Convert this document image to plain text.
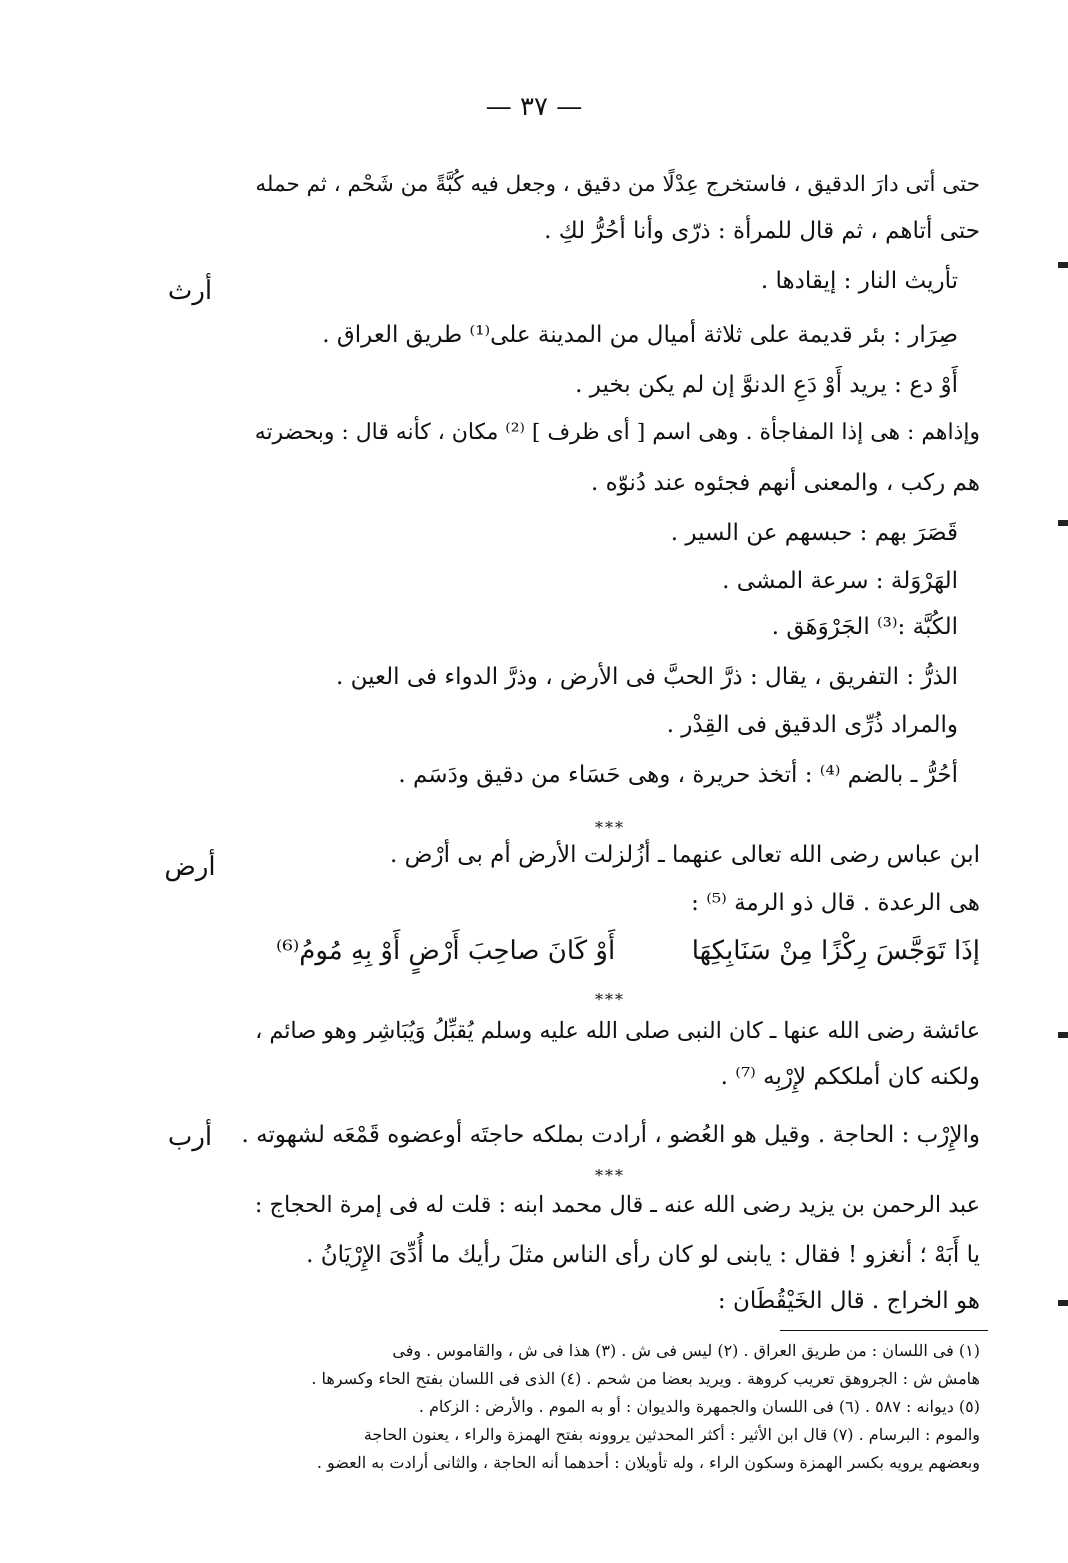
— ٣٧ —
حتى أتى دارَ الدقيق ، فاستخرج عِدْلًا من دقيق ، وجعل فيه كُبَّةً من شَحْم ، ثم حمله
حتى أتاهم ، ثم قال للمرأة : ذرّى وأنا أحُرُّ لكِ .
تأريث النار : إيقادها .
صِرَار : بئر قديمة على ثلاثة أميال من المدينة على⁽¹⁾ طريق العراق .
أَوْ دع : يريد أَوْ دَعِ الدنوَّ إن لم يكن بخير .
وإذاهم : هى إذا المفاجأة . وهى اسم [ أى ظرف ] ⁽²⁾ مكان ، كأنه قال : وبحضرته
هم ركب ، والمعنى أنهم فجئوه عند دُنوّه .
قَصَرَ بهم : حبسهم عن السير .
الهَرْوَلة : سرعة المشى .
الكُبَّة :⁽³⁾ الجَرْوَهَق .
الذرُّ : التفريق ، يقال : ذرَّ الحبَّ فى الأرض ، وذرَّ الدواء فى العين .
والمراد ذُرِّى الدقيق فى القِدْر .
أحُرُّ ـ بالضم ⁽⁴⁾ : أتخذ حريرة ، وهى حَسَاء من دقيق ودَسَم .
***
ابن عباس رضى الله تعالى عنهما ـ أزُلزلت الأرض أم بى أرْض .
هى الرعدة . قال ذو الرمة ⁽⁵⁾ :
إذَا تَوَجَّسَ رِكْزًا مِنْ سَنَابِكِهَا  أَوْ كَانَ صاحِبَ أَرْضٍ أَوْ بِهِ مُومُ⁽⁶⁾
***
عائشة رضى الله عنها ـ كان النبى صلى الله عليه وسلم يُقبِّلُ وَيُبَاشِر وهو صائم ،
ولكنه كان أملككم لإِرْبِه ⁽⁷⁾ .
والإِرْب : الحاجة . وقيل هو العُضو ، أرادت بملكه حاجتَه أوعضوه قَمْعَه لشهوته .
***
عبد الرحمن بن يزيد رضى الله عنه ـ قال محمد ابنه : قلت له فى إمرة الحجاج :
يا أَبَهْ ؛ أنغزو ! فقال : يابنى لو كان رأى الناس مثلَ رأيك ما أُدِّىَ الإِرْيَانُ .
هو الخراج . قال الخَيْقُطَان :
أرث
أرض
أرب
(١) فى اللسان : من طريق العراق . (٢) ليس فى ش . (٣) هذا فى ش ، والقاموس . وفى
هامش ش : الجروهق تعريب كروهة . ويريد بعضا من شحم . (٤) الذى فى اللسان بفتح الحاء وكسرها .
(٥) ديوانه : ٥٨٧ . (٦) فى اللسان والجمهرة والديوان : أو به الموم . والأرض : الزكام .
والموم : البرسام . (٧) قال ابن الأثير : أكثر المحدثين يروونه بفتح الهمزة والراء ، يعنون الحاجة
وبعضهم يرويه بكسر الهمزة وسكون الراء ، وله تأويلان : أحدهما أنه الحاجة ، والثانى أرادت به العضو .
